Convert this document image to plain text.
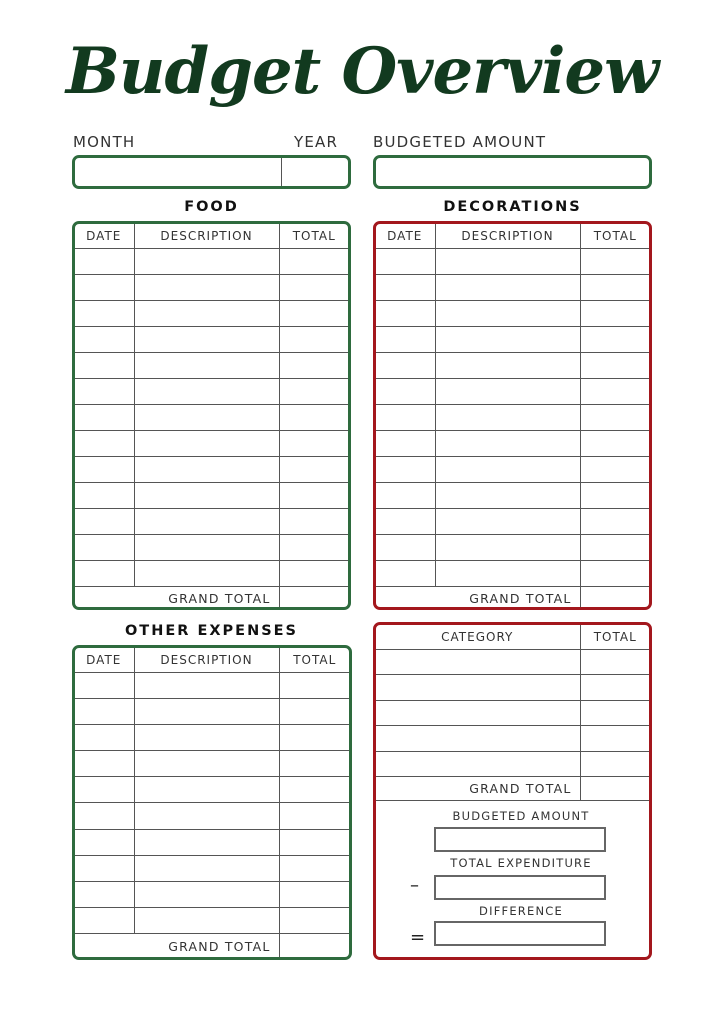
Budget Overview
MONTH	YEAR BUDGETED AMOUNT
FOOD	DECORATIONS
OTHER EXPENSES
DATE	DESCRIPTION	TOTAL

GRAND TOTAL		
DATE	DESCRIPTION	TOTAL

GRAND TOTAL		
DATE	DESCRIPTION	TOTAL

GRAND TOTAL		
CATEGORY	TOTAL

GRAND TOTAL	
BUDGETED AMOUNT
TOTAL EXPENDITURE
–
DIFFERENCE
=
